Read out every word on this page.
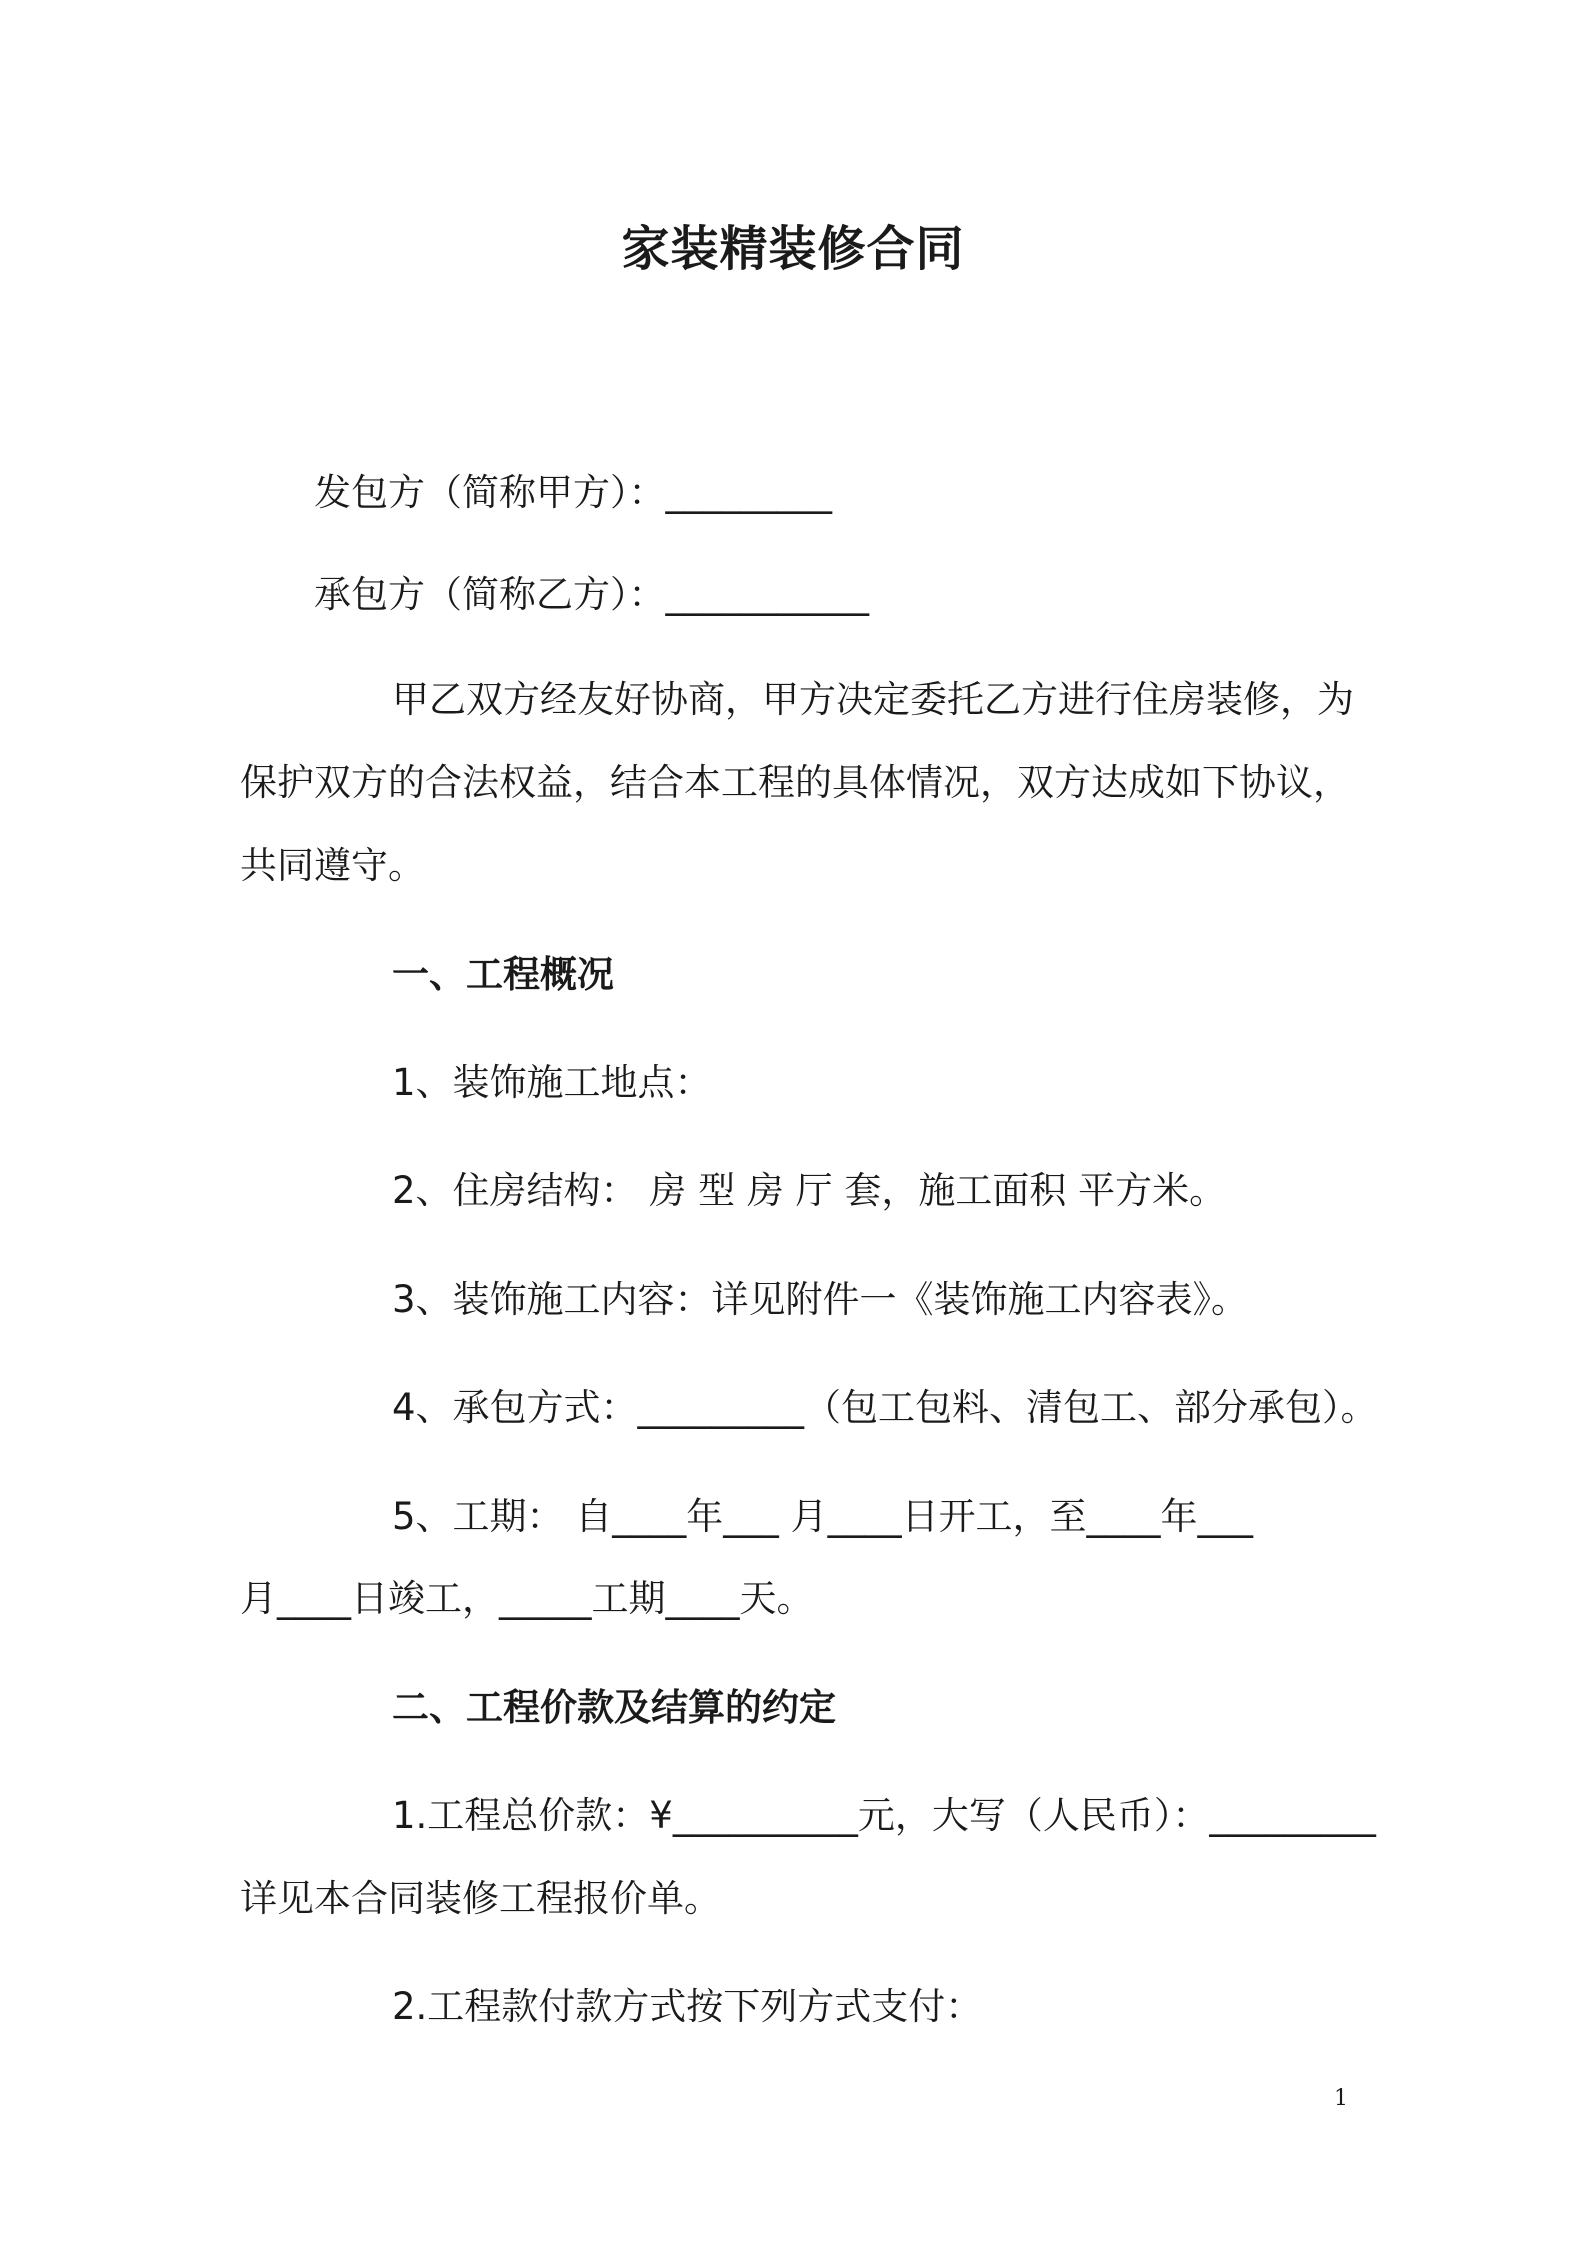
家装精装修合同
发包方（简称甲方）：_________
承包方（简称乙方）：___________
甲乙双方经友好协商，甲方决定委托乙方进行住房装修，为
保护双方的合法权益，结合本工程的具体情况，双方达成如下协议，
共同遵守。
一、工程概况
1、装饰施工地点：
2、住房结构： 房 型 房 厅 套，施工面积 平方米。
3、装饰施工内容：详见附件一《装饰施工内容表》。
4、承包方式：_________（包工包料、清包工、部分承包）。
5、工期： 自____年___ 月____日开工，至____年___
月____日竣工，_____工期____天。
二、工程价款及结算的约定
1.工程总价款：¥__________元，大写（人民币）：_________
详见本合同装修工程报价单。
2.工程款付款方式按下列方式支付：
1
